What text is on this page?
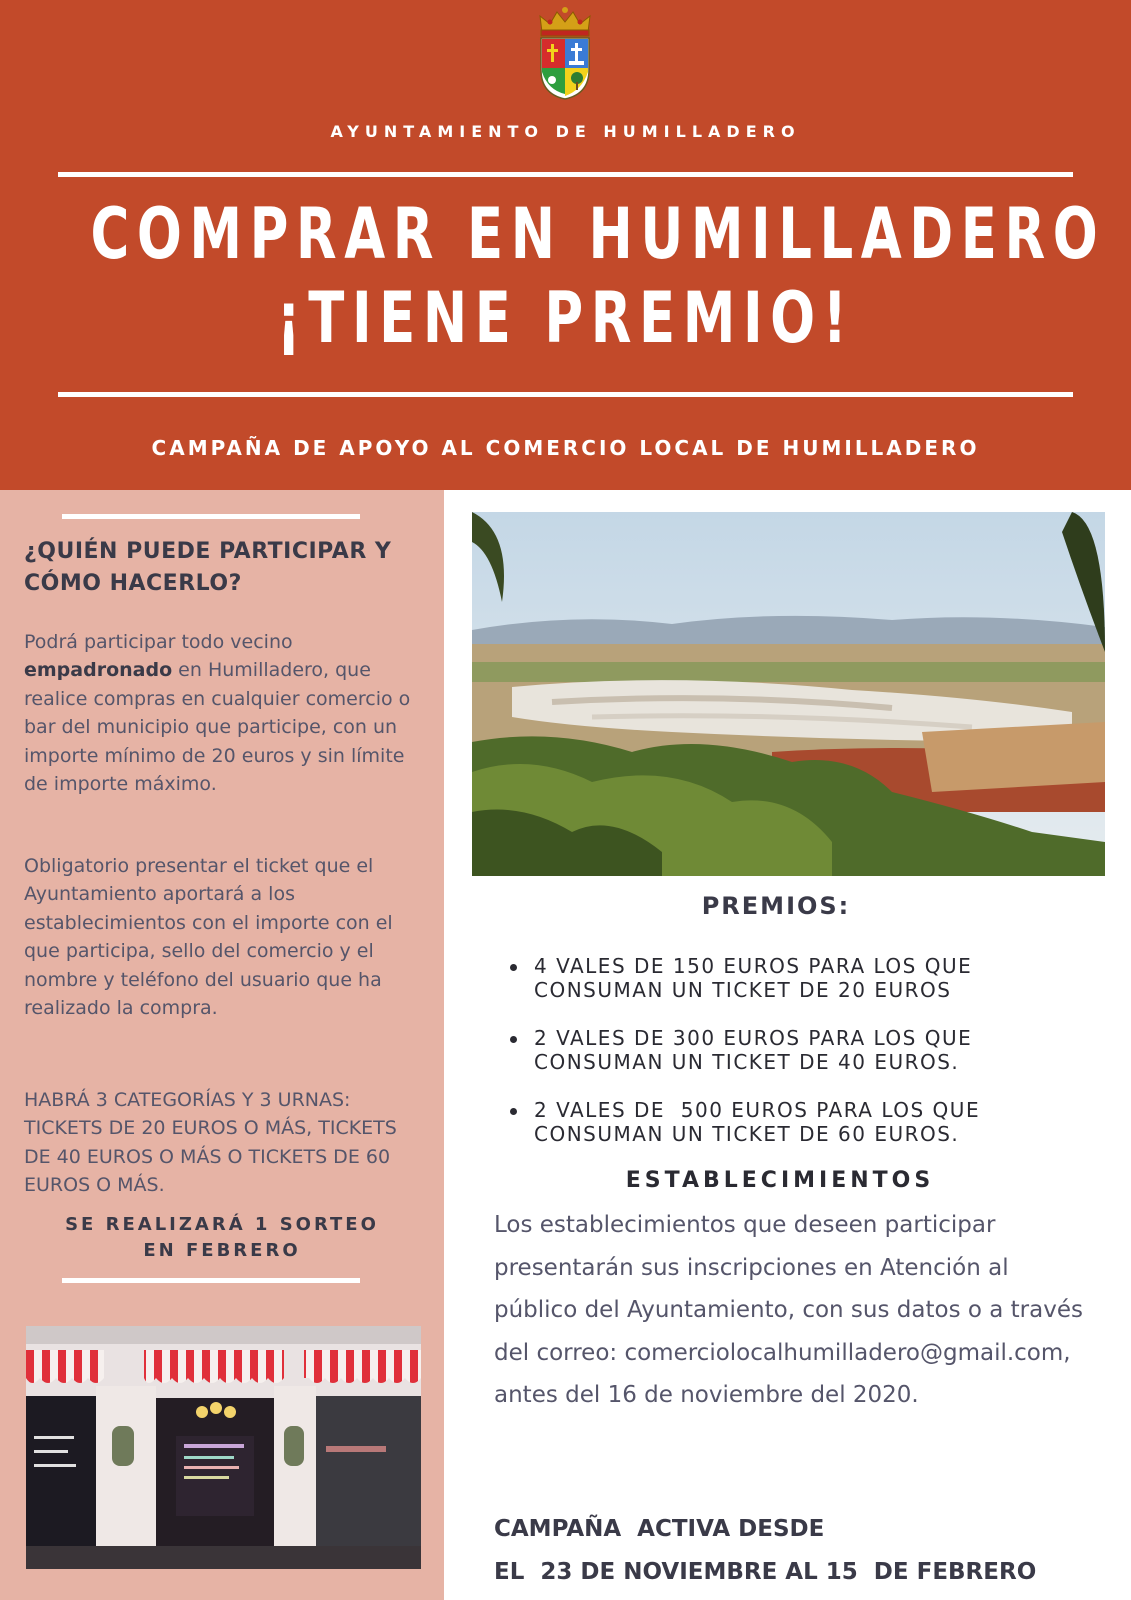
AYUNTAMIENTO DE HUMILLADERO
COMPRAR EN HUMILLADERO
¡TIENE PREMIO!
CAMPAÑA DE APOYO AL COMERCIO LOCAL DE HUMILLADERO
¿QUIÉN PUEDE PARTICIPAR Y CÓMO HACERLO?

Podrá participar todo vecino empadronado en Humilladero, que realice compras en cualquier comercio o bar del municipio que participe, con un importe mínimo de 20 euros y sin límite de importe máximo.

Obligatorio presentar el ticket que el Ayuntamiento aportará a los establecimientos con el importe con el que participa, sello del comercio y el nombre y teléfono del usuario que ha realizado la compra.

HABRÁ 3 CATEGORÍAS Y 3 URNAS: TICKETS DE 20 EUROS O MÁS, TICKETS DE 40 EUROS O MÁS O TICKETS DE 60 EUROS O MÁS.

SE REALIZARÁ 1 SORTEO
EN FEBRERO
PREMIOS:
4 VALES DE 150 EUROS PARA LOS QUE
CONSUMAN UN TICKET DE 20 EUROS
2 VALES DE 300 EUROS PARA LOS QUE
CONSUMAN UN TICKET DE 40 EUROS.
2 VALES DE  500 EUROS PARA LOS QUE
CONSUMAN UN TICKET DE 60 EUROS.
ESTABLECIMIENTOS

Los establecimientos que deseen participar presentarán sus inscripciones en Atención al público del Ayuntamiento, con sus datos o a través del correo: comerciolocalhumilladero@gmail.com, antes del 16 de noviembre del 2020.

CAMPAÑA  ACTIVA DESDE
EL  23 DE NOVIEMBRE AL 15  DE FEBRERO
